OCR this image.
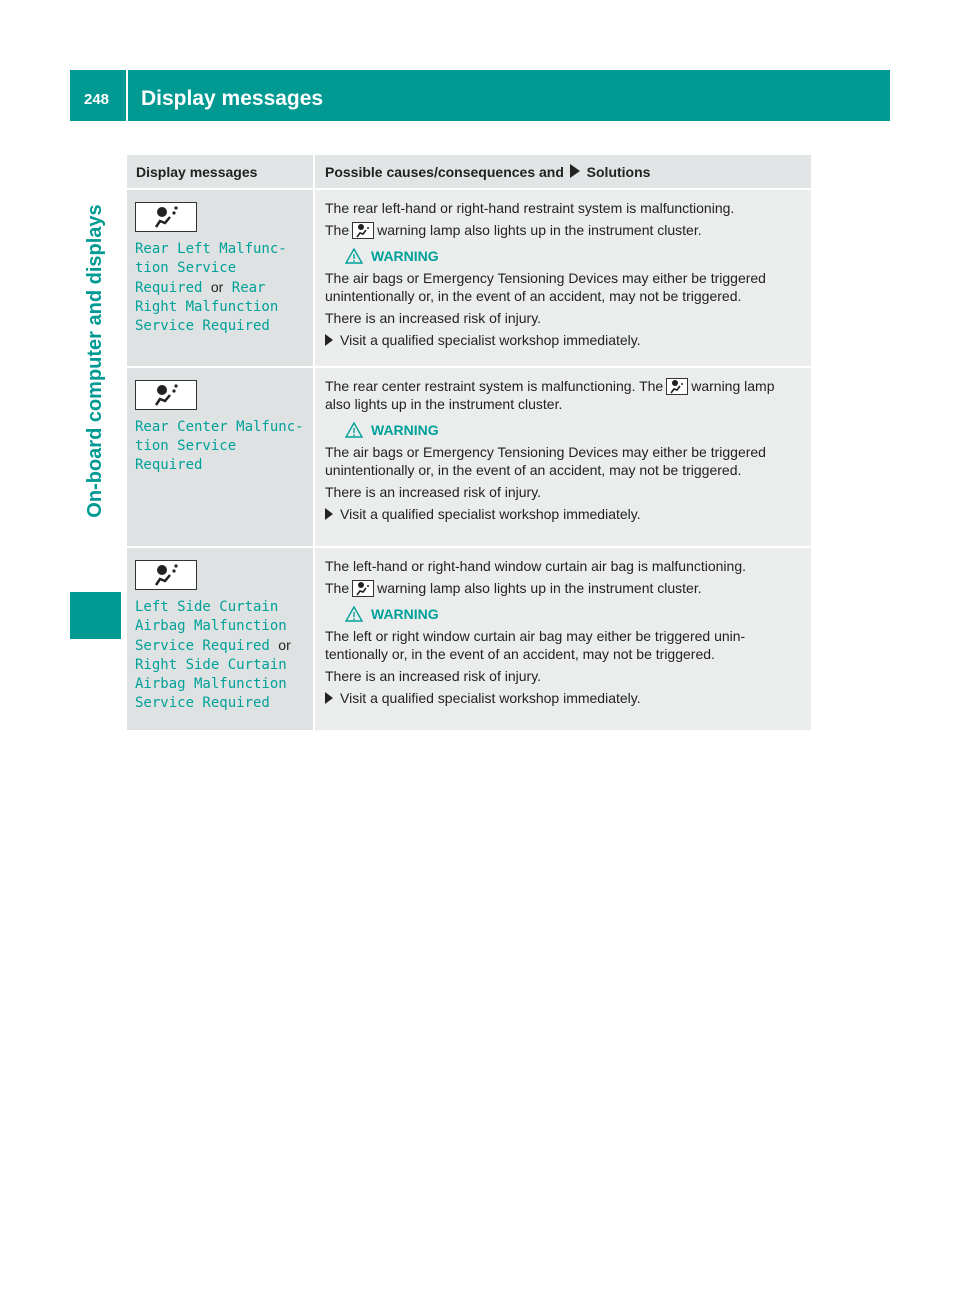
248 Display messages
On-board computer and displays
Display messages	Possible causes/consequences and Solutions
Rear Left Malfunc‐
tion Service
Required or Rear
Right Malfunction
Service Required

The rear left-hand or right-hand restraint system is malfunctioning.

The warning lamp also lights up in the instrument cluster.

WARNING

The air bags or Emergency Tensioning Devices may either be triggered unintentionally or, in the event of an accident, may not be triggered.

There is an increased risk of injury.

Visit a qualified specialist workshop immediately.
Rear Center Malfunc‐
tion Service
Required

The rear center restraint system is malfunctioning. The warning lamp also lights up in the instrument cluster.

WARNING

The air bags or Emergency Tensioning Devices may either be triggered unintentionally or, in the event of an accident, may not be triggered.

There is an increased risk of injury.

Visit a qualified specialist workshop immediately.
Left Side Curtain
Airbag Malfunction
Service Required or
Right Side Curtain
Airbag Malfunction
Service Required

The left-hand or right-hand window curtain air bag is malfunctioning.

The warning lamp also lights up in the instrument cluster.

WARNING

The left or right window curtain air bag may either be triggered unin-tentionally or, in the event of an accident, may not be triggered.

There is an increased risk of injury.

Visit a qualified specialist workshop immediately.
